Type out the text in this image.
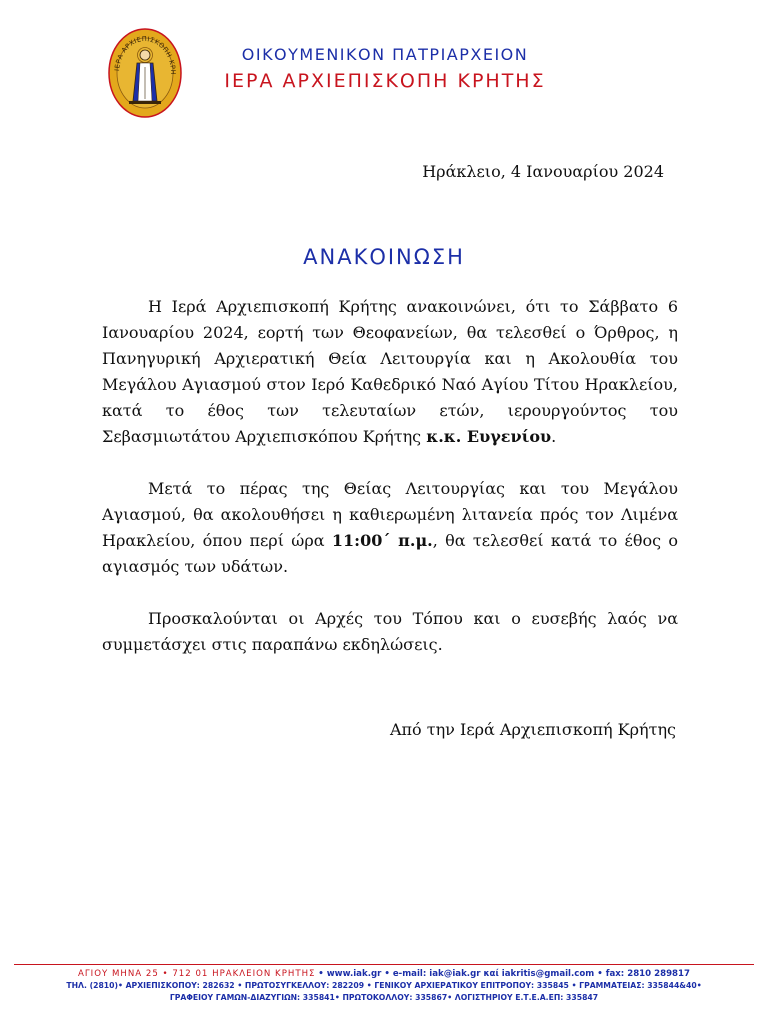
ΙΕΡΑ ΑΡΧΙΕΠΙΣΚΟΠΗ ΚΡΗ
ΟΙΚΟΥΜΕΝΙΚΟΝ ΠΑΤΡΙΑΡΧΕΙΟΝ
ΙΕΡΑ ΑΡΧΙΕΠΙΣΚΟΠΗ ΚΡΗΤΗΣ
Ηράκλειο, 4 Ιανουαρίου 2024
ΑΝΑΚΟΙΝΩΣΗ

Η Ιερά Αρχιεπισκοπή Κρήτης ανακοινώνει, ότι το Σάββατο 6 Ιανουαρίου 2024, εορτή των Θεοφανείων, θα τελεσθεί ο Όρθρος, η Πανηγυρική Αρχιερατική Θεία Λειτουργία και η Ακολουθία του Μεγάλου Αγιασμού στον Ιερό Καθεδρικό Ναό Αγίου Τίτου Ηρακλείου, κατά το έθος των τελευταίων ετών, ιερουργούντος του Σεβασμιωτάτου Αρχιεπισκόπου Κρήτης κ.κ. Ευγενίου.

Μετά το πέρας της Θείας Λειτουργίας και του Μεγάλου Αγιασμού, θα ακολουθήσει η καθιερωμένη λιτανεία πρός τον Λιμένα Ηρακλείου, όπου περί ώρα 11:00΄ π.μ., θα τελεσθεί κατά το έθος ο αγιασμός των υδάτων.

Προσκαλούνται οι Αρχές του Τόπου και ο ευσεβής λαός να συμμετάσχει στις παραπάνω εκδηλώσεις.

Από την Ιερά Αρχιεπισκοπή Κρήτης
ΑΓΙΟΥ ΜΗΝΑ 25 • 712 01 ΗΡΑΚΛΕΙΟΝ ΚΡΗΤΗΣ • www.iak.gr • e-mail: iak@iak.gr καί iakritis@gmail.com • fax: 2810 289817
ΤΗΛ. (2810)• ΑΡΧΙΕΠΙΣΚΟΠΟΥ: 282632 • ΠΡΩΤΟΣΥΓΚΕΛΛΟΥ: 282209 • ΓΕΝΙΚΟΥ ΑΡΧΙΕΡΑΤΙΚΟΥ ΕΠΙΤΡΟΠΟΥ: 335845 • ΓΡΑΜΜΑΤΕΙΑΣ: 335844&40•
ΓΡΑΦΕΙΟΥ ΓΑΜΩΝ-ΔΙΑΖΥΓΙΩΝ: 335841• ΠΡΩΤΟΚΟΛΛΟΥ: 335867• ΛΟΓΙΣΤΗΡΙΟΥ Ε.Τ.Ε.Α.ΕΠ: 335847
